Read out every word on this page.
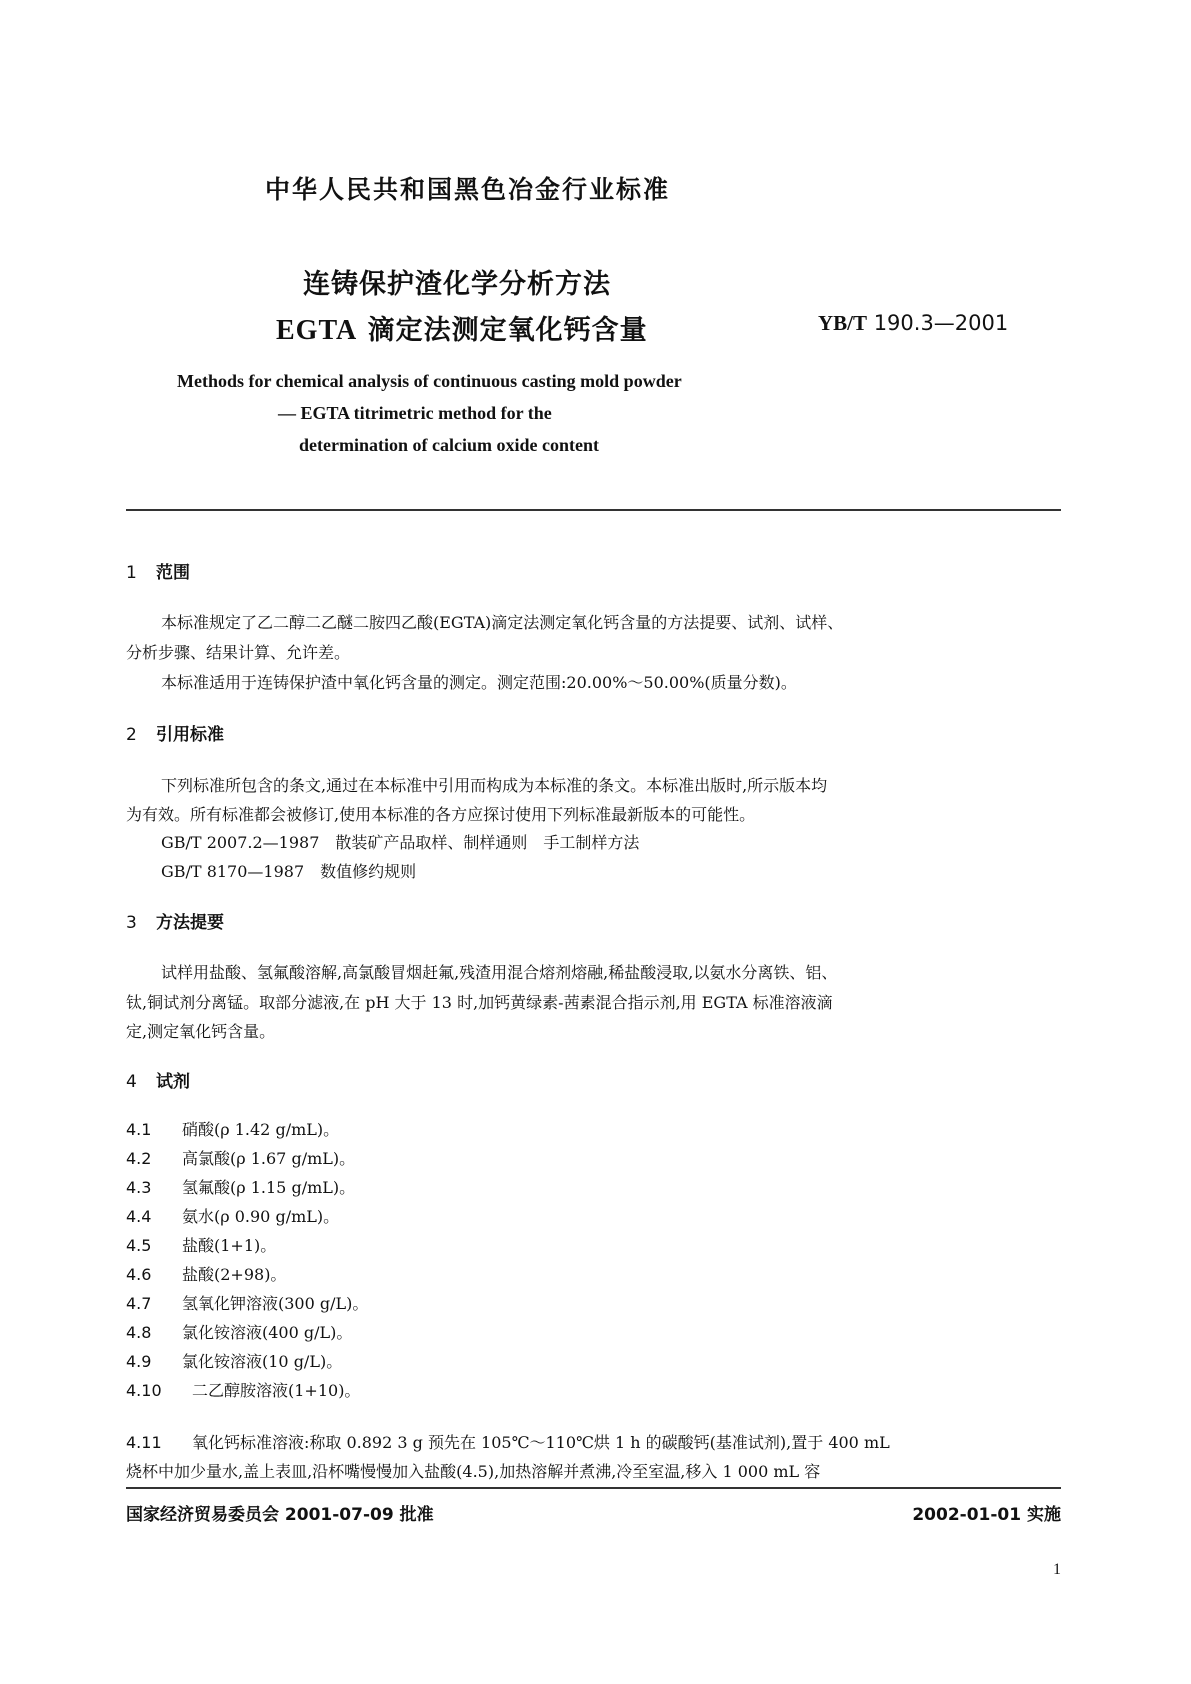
中华人民共和国黑色冶金行业标准
连铸保护渣化学分析方法
EGTA 滴定法测定氧化钙含量	YB/T 190.3—2001
Methods for chemical analysis of continuous casting mold powder
— EGTA titrimetric method for the
determination of calcium oxide content
1 范围
本标准规定了乙二醇二乙醚二胺四乙酸(EGTA)滴定法测定氧化钙含量的方法提要、试剂、试样、
分析步骤、结果计算、允许差。
本标准适用于连铸保护渣中氧化钙含量的测定。测定范围:20.00%～50.00%(质量分数)。
2 引用标准
下列标准所包含的条文,通过在本标准中引用而构成为本标准的条文。本标准出版时,所示版本均
为有效。所有标准都会被修订,使用本标准的各方应探讨使用下列标准最新版本的可能性。
GB/T 2007.2—1987　散装矿产品取样、制样通则　手工制样方法
GB/T 8170—1987　数值修约规则
3 方法提要
试样用盐酸、氢氟酸溶解,高氯酸冒烟赶氟,残渣用混合熔剂熔融,稀盐酸浸取,以氨水分离铁、铝、
钛,铜试剂分离锰。取部分滤液,在 pH 大于 13 时,加钙黄绿素-茜素混合指示剂,用 EGTA 标准溶液滴
定,测定氧化钙含量。
4 试剂
4.1 硝酸(ρ 1.42 g/mL)。
4.2 高氯酸(ρ 1.67 g/mL)。
4.3 氢氟酸(ρ 1.15 g/mL)。
4.4 氨水(ρ 0.90 g/mL)。
4.5 盐酸(1+1)。
4.6 盐酸(2+98)。
4.7 氢氧化钾溶液(300 g/L)。
4.8 氯化铵溶液(400 g/L)。
4.9 氯化铵溶液(10 g/L)。
4.10 二乙醇胺溶液(1+10)。
4.11 氧化钙标准溶液:称取 0.892 3 g 预先在 105℃～110℃烘 1 h 的碳酸钙(基准试剂),置于 400 mL
烧杯中加少量水,盖上表皿,沿杯嘴慢慢加入盐酸(4.5),加热溶解并煮沸,冷至室温,移入 1 000 mL 容
国家经济贸易委员会 2001-07-09 批准	2002-01-01 实施
1
